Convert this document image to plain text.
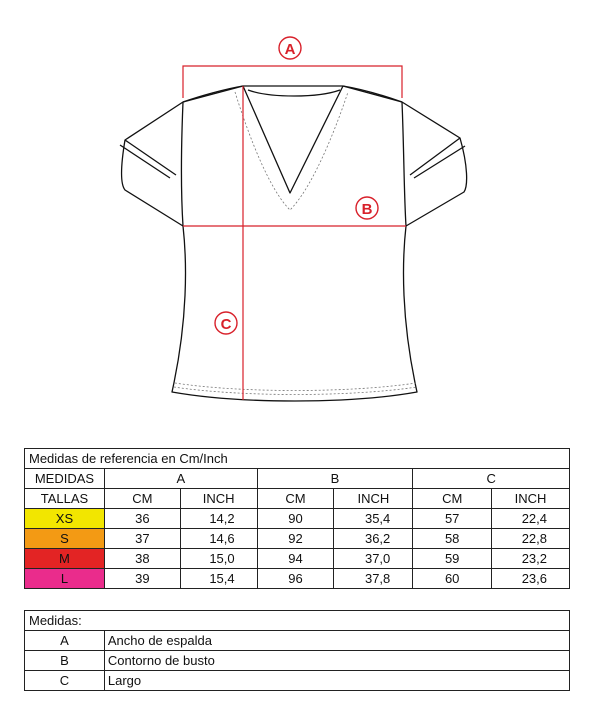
A
B
C
Medidas de referencia en Cm/Inch						
MEDIDAS	A		B		C	
TALLAS	CM	INCH	CM	INCH	CM	INCH
XS	36	14,2	90	35,4	57	22,4
S	37	14,6	92	36,2	58	22,8
M	38	15,0	94	37,0	59	23,2
L	39	15,4	96	37,8	60	23,6
Medidas:	
A	Ancho de espalda
B	Contorno de busto
C	Largo
